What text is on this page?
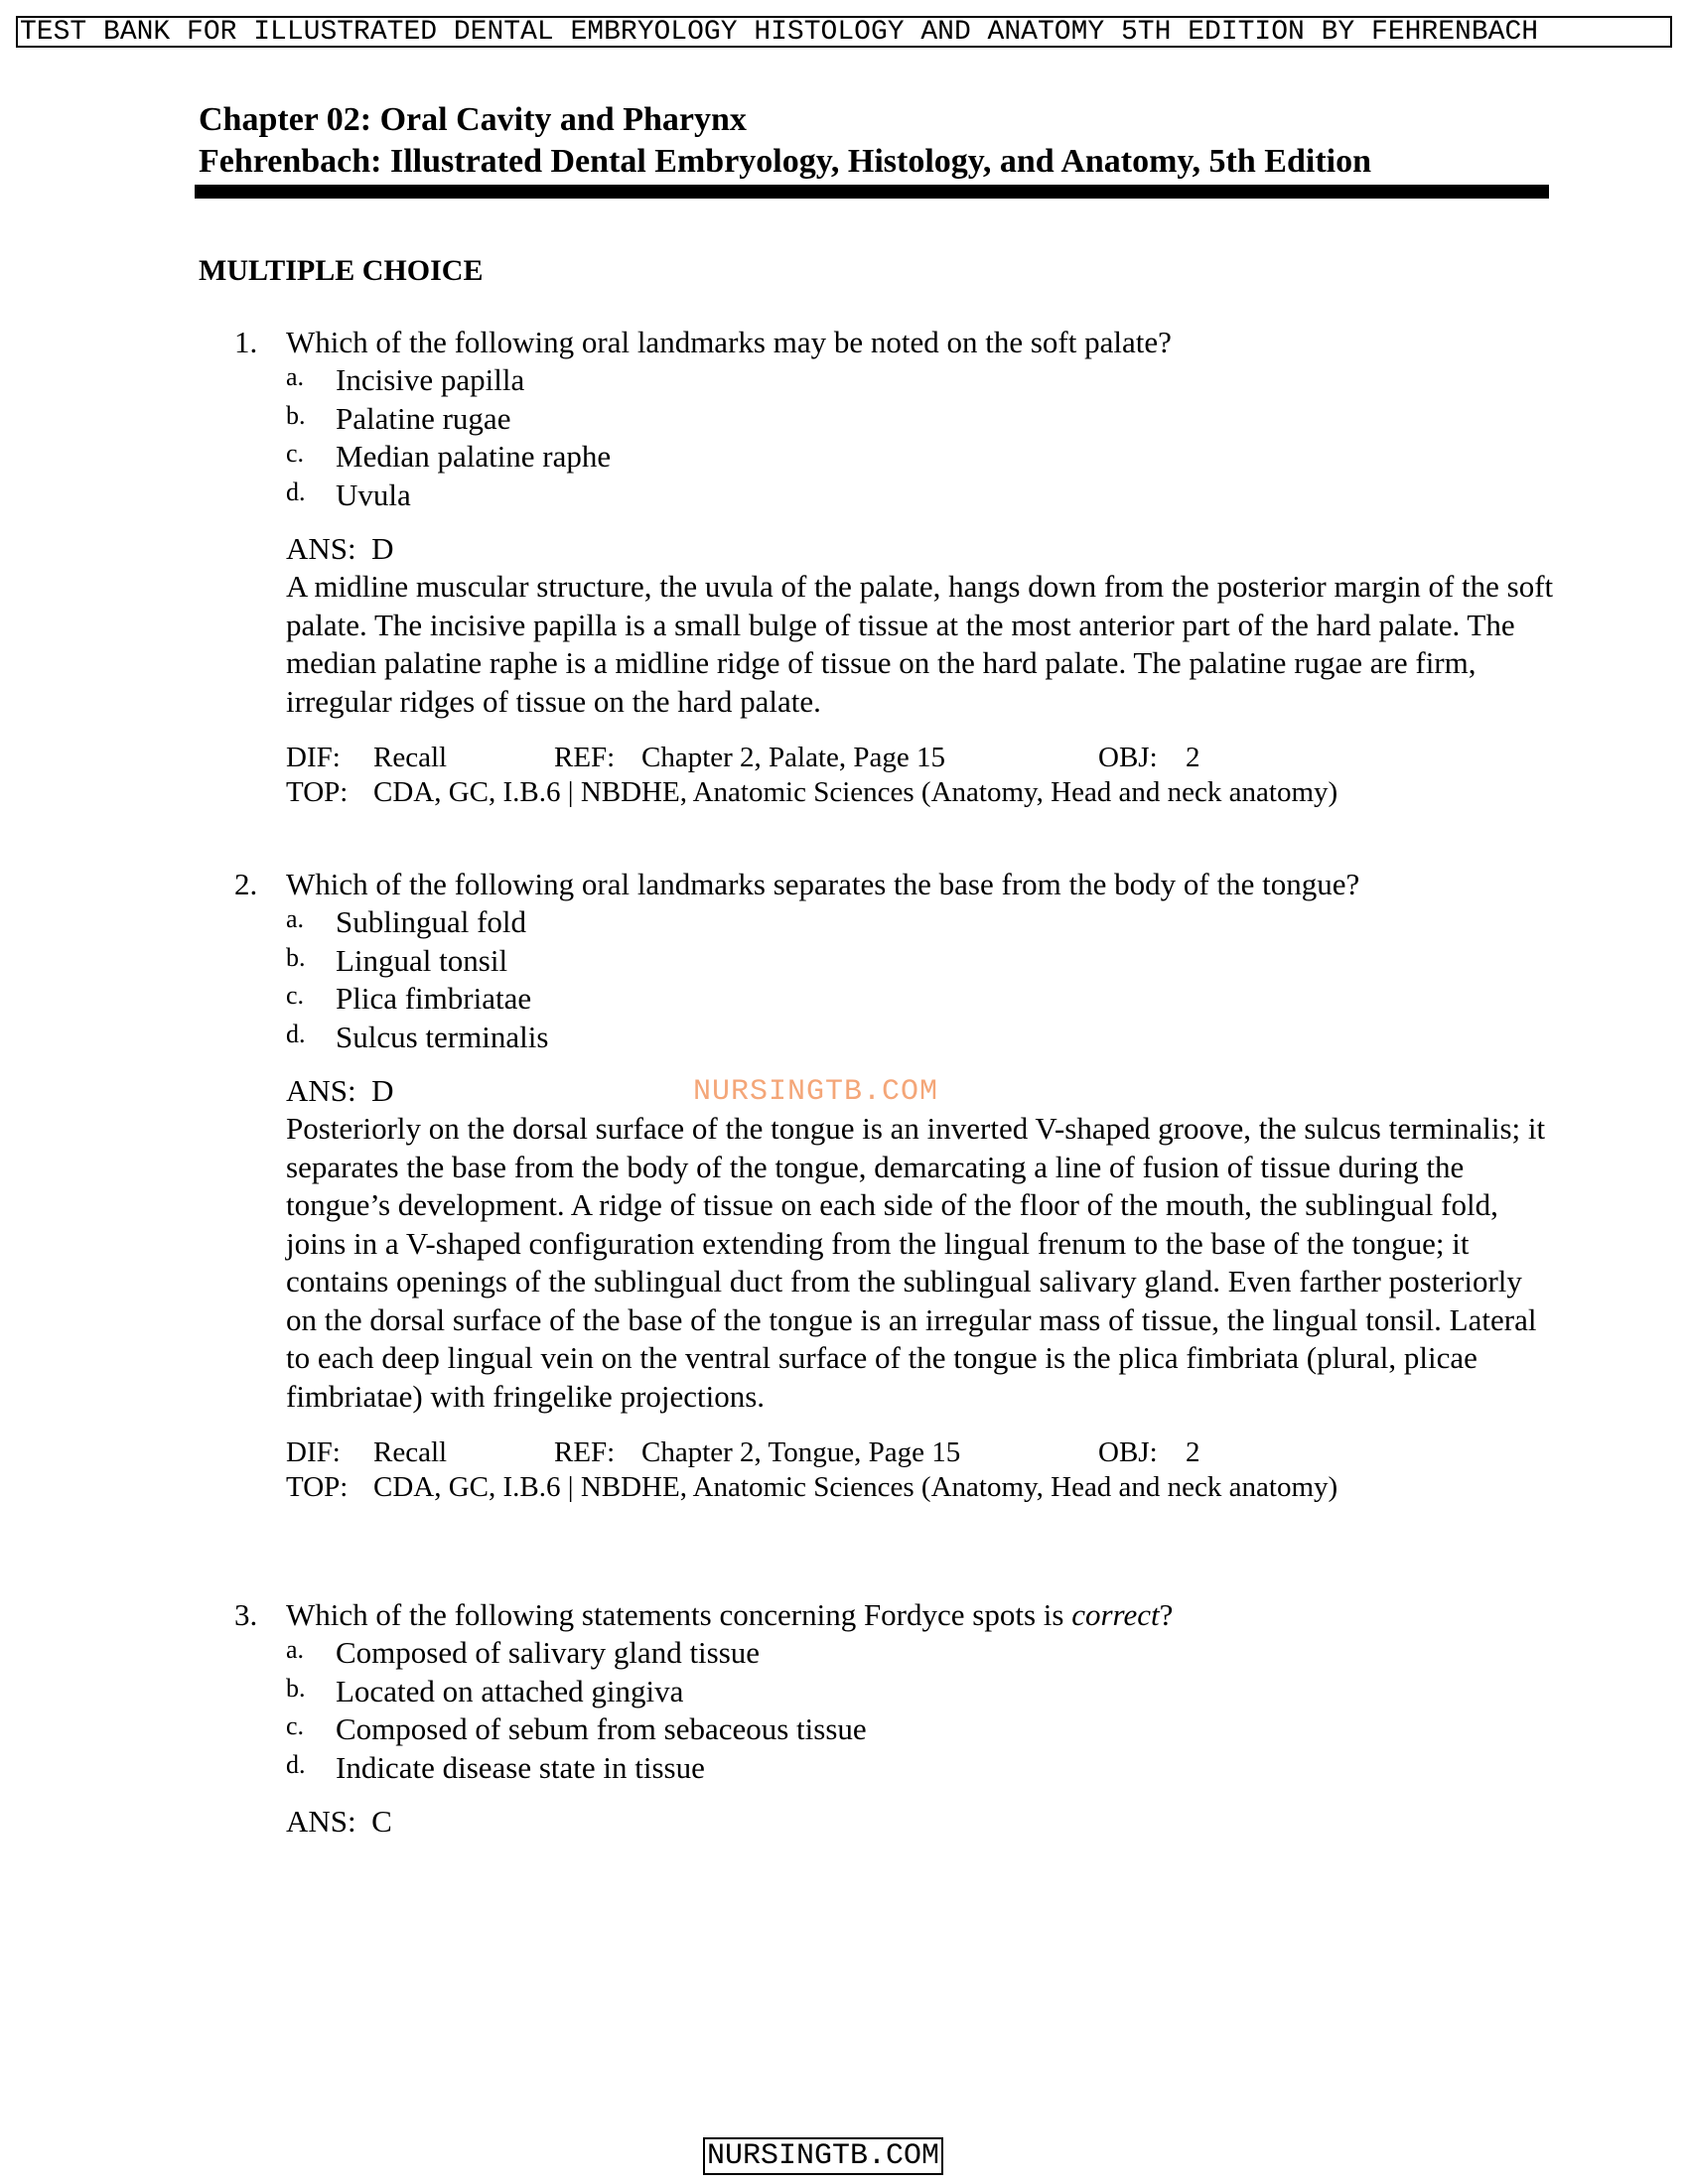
TEST BANK FOR ILLUSTRATED DENTAL EMBRYOLOGY HISTOLOGY AND ANATOMY 5TH EDITION BY FEHRENBACH
Chapter 02: Oral Cavity and Pharynx
Fehrenbach: Illustrated Dental Embryology, Histology, and Anatomy, 5th Edition
MULTIPLE CHOICE
1. Which of the following oral landmarks may be noted on the soft palate?
a. Incisive papilla
b. Palatine rugae
c. Median palatine raphe
d. Uvula
ANS: D
A midline muscular structure, the uvula of the palate, hangs down from the posterior margin of the soft palate. The incisive papilla is a small bulge of tissue at the most anterior part of the hard palate. The median palatine raphe is a midline ridge of tissue on the hard palate. The palatine rugae are firm, irregular ridges of tissue on the hard palate.
DIF: Recall	REF: Chapter 2, Palate, Page 15	OBJ: 2
TOP: CDA, GC, I.B.6 | NBDHE, Anatomic Sciences (Anatomy, Head and neck anatomy)
2. Which of the following oral landmarks separates the base from the body of the tongue?
a. Sublingual fold
b. Lingual tonsil
c. Plica fimbriatae
d. Sulcus terminalis
ANS: D
Posteriorly on the dorsal surface of the tongue is an inverted V-shaped groove, the sulcus terminalis; it separates the base from the body of the tongue, demarcating a line of fusion of tissue during the tongue’s development. A ridge of tissue on each side of the floor of the mouth, the sublingual fold, joins in a V-shaped configuration extending from the lingual frenum to the base of the tongue; it contains openings of the sublingual duct from the sublingual salivary gland. Even farther posteriorly on the dorsal surface of the base of the tongue is an irregular mass of tissue, the lingual tonsil. Lateral to each deep lingual vein on the ventral surface of the tongue is the plica fimbriata (plural, plicae fimbriatae) with fringelike projections.
DIF: Recall	REF: Chapter 2, Tongue, Page 15	OBJ: 2
TOP: CDA, GC, I.B.6 | NBDHE, Anatomic Sciences (Anatomy, Head and neck anatomy)
3. Which of the following statements concerning Fordyce spots is correct?
a. Composed of salivary gland tissue
b. Located on attached gingiva
c. Composed of sebum from sebaceous tissue
d. Indicate disease state in tissue
ANS: C
NURSINGTB.COM
NURSINGTB.COM
